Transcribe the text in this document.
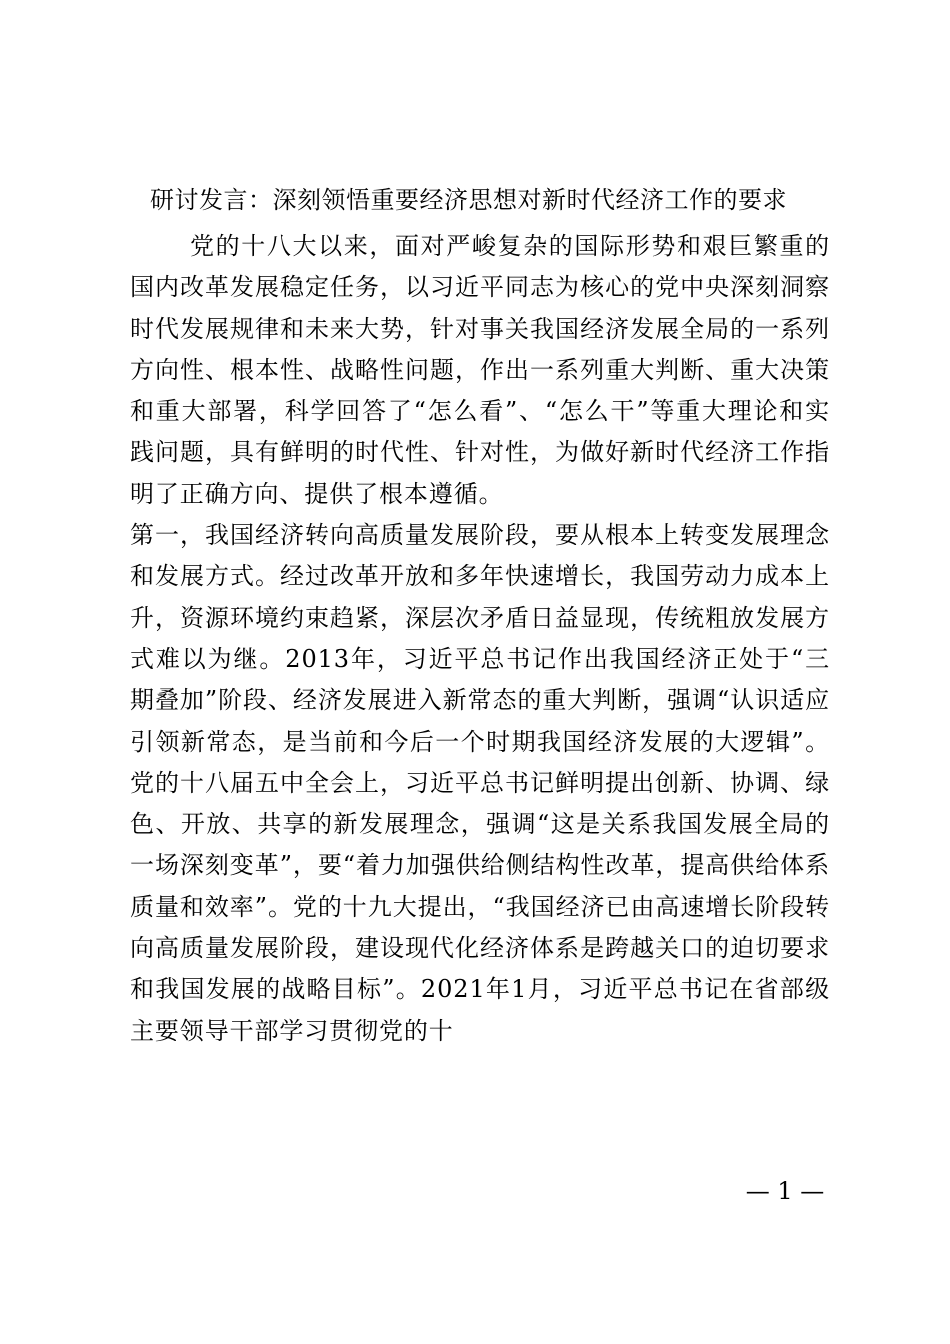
研讨发言：深刻领悟重要经济思想对新时代经济工作的要求

党的十八大以来，面对严峻复杂的国际形势和艰巨繁重的国内改革发展稳定任务，以习近平同志为核心的党中央深刻洞察时代发展规律和未来大势，针对事关我国经济发展全局的一系列方向性、根本性、战略性问题，作出一系列重大判断、重大决策和重大部署，科学回答了“怎么看”、“怎么干”等重大理论和实践问题，具有鲜明的时代性、针对性，为做好新时代经济工作指明了正确方向、提供了根本遵循。

第一，我国经济转向高质量发展阶段，要从根本上转变发展理念和发展方式。经过改革开放和多年快速增长，我国劳动力成本上升，资源环境约束趋紧，深层次矛盾日益显现，传统粗放发展方式难以为继。2013年，习近平总书记作出我国经济正处于“三期叠加”阶段、经济发展进入新常态的重大判断，强调“认识适应引领新常态，是当前和今后一个时期我国经济发展的大逻辑”。党的十八届五中全会上，习近平总书记鲜明提出创新、协调、绿色、开放、共享的新发展理念，强调“这是关系我国发展全局的一场深刻变革”，要“着力加强供给侧结构性改革，提高供给体系质量和效率”。党的十九大提出，“我国经济已由高速增长阶段转向高质量发展阶段，建设现代化经济体系是跨越关口的迫切要求和我国发展的战略目标”。2021年1月，习近平总书记在省部级主要领导干部学习贯彻党的十

— 1 —
